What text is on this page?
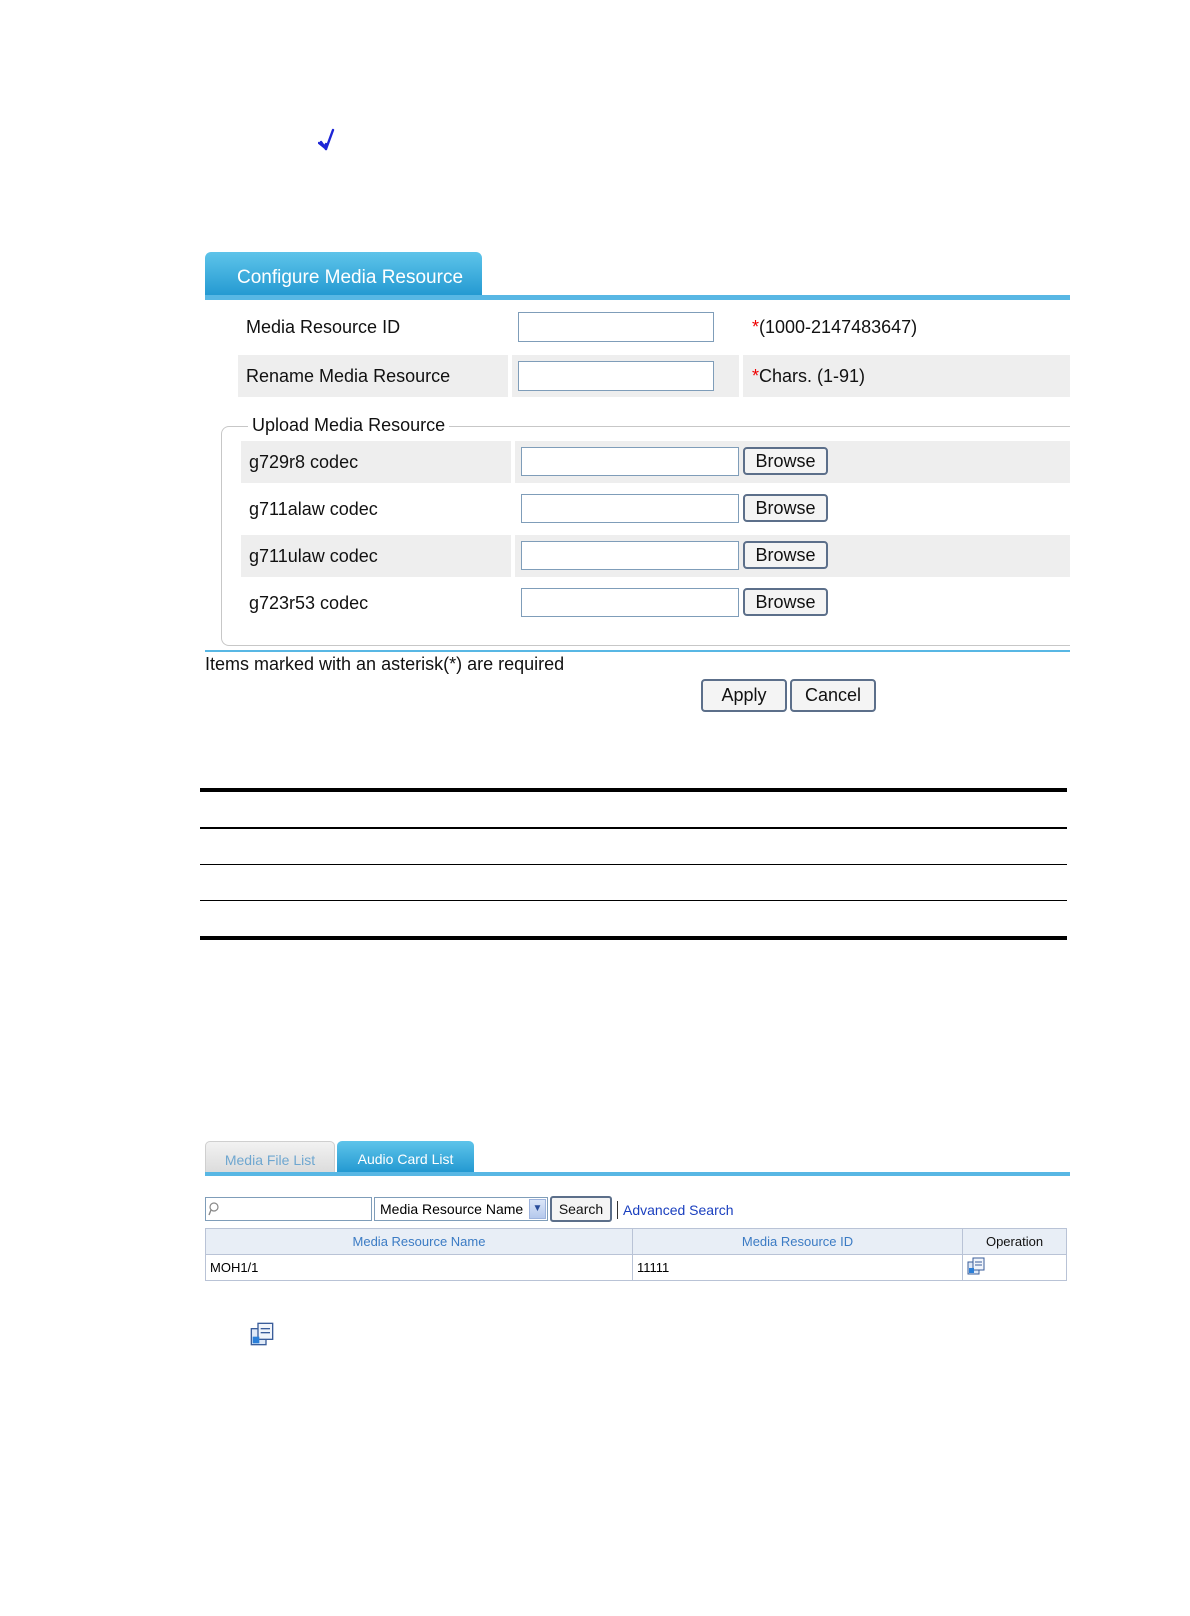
Configure Media Resource
Media Resource ID	*(1000-2147483647)
Rename Media Resource	*Chars. (1-91)
Upload Media Resource
g729r8 codec	Browse
g711alaw codec	Browse
g711ulaw codec	Browse
g723r53 codec	Browse
Items marked with an asterisk(*) are required
Apply	Cancel
Media File List	Audio Card List
Media Resource Name ▼	Search	Advanced Search
Media Resource Name	Media Resource ID	Operation
MOH1/1	11111	
